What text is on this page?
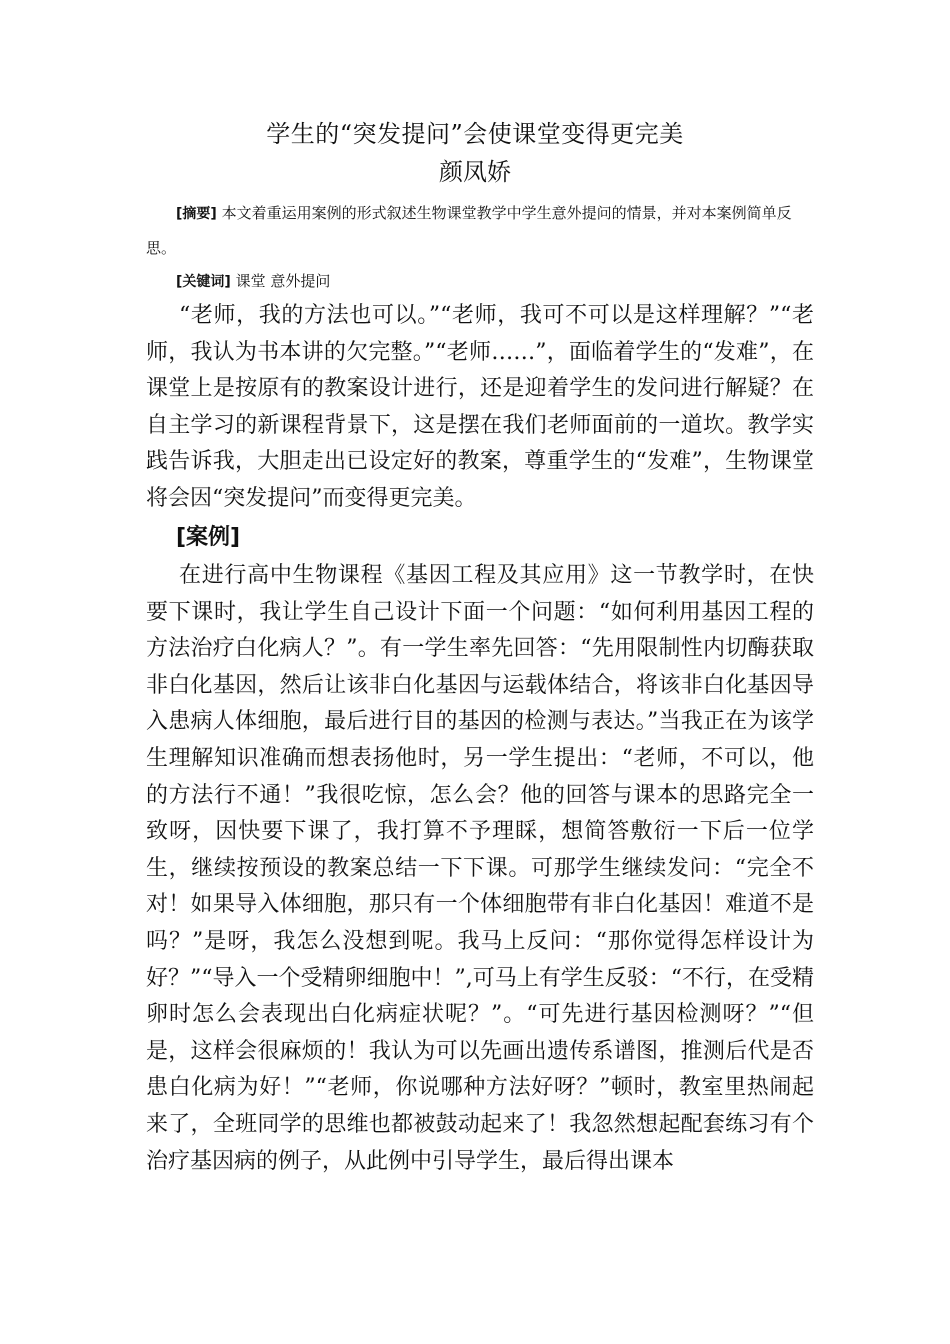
学生的“突发提问”会使课堂变得更完美
颜凤娇

[摘要] 本文着重运用案例的形式叙述生物课堂教学中学生意外提问的情景，并对本案例简单反思。

[关键词] 课堂 意外提问

“老师，我的方法也可以。”“老师，我可不可以是这样理解？”“老师，我认为书本讲的欠完整。”“老师……”，面临着学生的“发难”，在课堂上是按原有的教案设计进行，还是迎着学生的发问进行解疑？在自主学习的新课程背景下，这是摆在我们老师面前的一道坎。教学实践告诉我，大胆走出已设定好的教案，尊重学生的“发难”，生物课堂将会因“突发提问”而变得更完美。

[案例]

在进行高中生物课程《基因工程及其应用》这一节教学时，在快要下课时，我让学生自己设计下面一个问题：“如何利用基因工程的方法治疗白化病人？”。有一学生率先回答：“先用限制性内切酶获取非白化基因，然后让该非白化基因与运载体结合，将该非白化基因导入患病人体细胞，最后进行目的基因的检测与表达。”当我正在为该学生理解知识准确而想表扬他时，另一学生提出：“老师，不可以，他的方法行不通！”我很吃惊，怎么会？他的回答与课本的思路完全一致呀，因快要下课了，我打算不予理睬，想简答敷衍一下后一位学生，继续按预设的教案总结一下下课。可那学生继续发问：“完全不对！如果导入体细胞，那只有一个体细胞带有非白化基因！难道不是吗？”是呀，我怎么没想到呢。我马上反问：“那你觉得怎样设计为好？”“导入一个受精卵细胞中！”,可马上有学生反驳：“不行，在受精卵时怎么会表现出白化病症状呢？”。“可先进行基因检测呀？”“但是，这样会很麻烦的！我认为可以先画出遗传系谱图，推测后代是否患白化病为好！”“老师，你说哪种方法好呀？”顿时，教室里热闹起来了，全班同学的思维也都被鼓动起来了！我忽然想起配套练习有个治疗基因病的例子，从此例中引导学生，最后得出课本
